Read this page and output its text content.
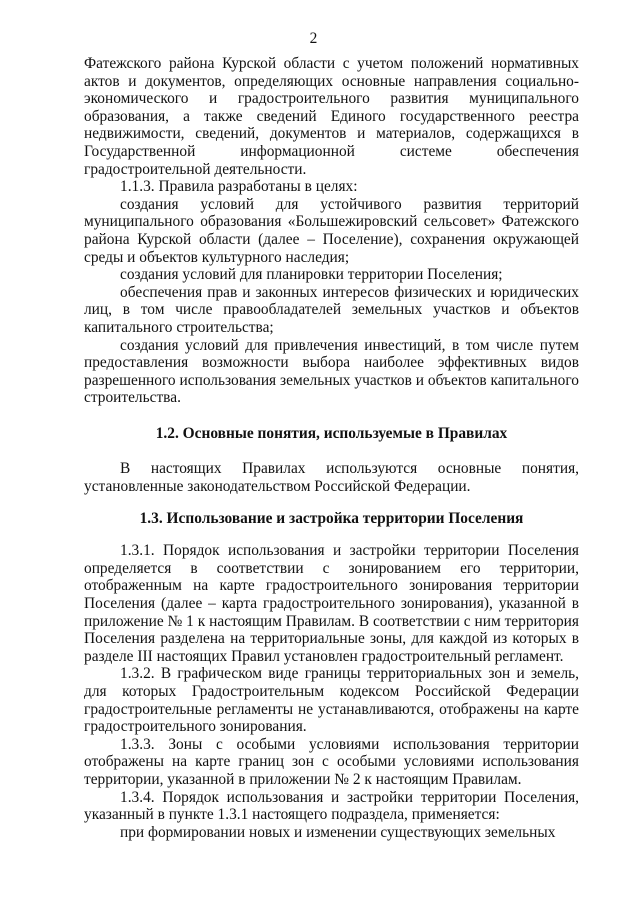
2

Фатежского района Курской области с учетом положений нормативных актов и документов, определяющих основные направления социально-экономического и градостроительного развития муниципального образования, а также сведений Единого государственного реестра недвижимости, сведений, документов и материалов, содержащихся в Государственной информационной системе обеспечения градостроительной деятельности.

1.1.3. Правила разработаны в целях:

создания условий для устойчивого развития территорий муниципального образования «Большежировский сельсовет» Фатежского района Курской области (далее – Поселение), сохранения окружающей среды и объектов культурного наследия;

создания условий для планировки территории Поселения;

обеспечения прав и законных интересов физических и юридических лиц, в том числе правообладателей земельных участков и объектов капитального строительства;

создания условий для привлечения инвестиций, в том числе путем предоставления возможности выбора наиболее эффективных видов разрешенного использования земельных участков и объектов капитального строительства.

1.2. Основные понятия, используемые в Правилах

В настоящих Правилах используются основные понятия, установленные законодательством Российской Федерации.

1.3. Использование и застройка территории Поселения

1.3.1. Порядок использования и застройки территории Поселения определяется в соответствии с зонированием его территории, отображенным на карте градостроительного зонирования территории Поселения (далее – карта градостроительного зонирования), указанной в приложение № 1 к настоящим Правилам. В соответствии с ним территория Поселения разделена на территориальные зоны, для каждой из которых в разделе III настоящих Правил установлен градостроительный регламент.

1.3.2. В графическом виде границы территориальных зон и земель, для которых Градостроительным кодексом Российской Федерации градостроительные регламенты не устанавливаются, отображены на карте градостроительного зонирования.

1.3.3. Зоны с особыми условиями использования территории отображены на карте границ зон с особыми условиями использования территории, указанной в приложении № 2 к настоящим Правилам.

1.3.4. Порядок использования и застройки территории Поселения, указанный в пункте 1.3.1 настоящего подраздела, применяется:

при формировании новых и изменении существующих земельных
